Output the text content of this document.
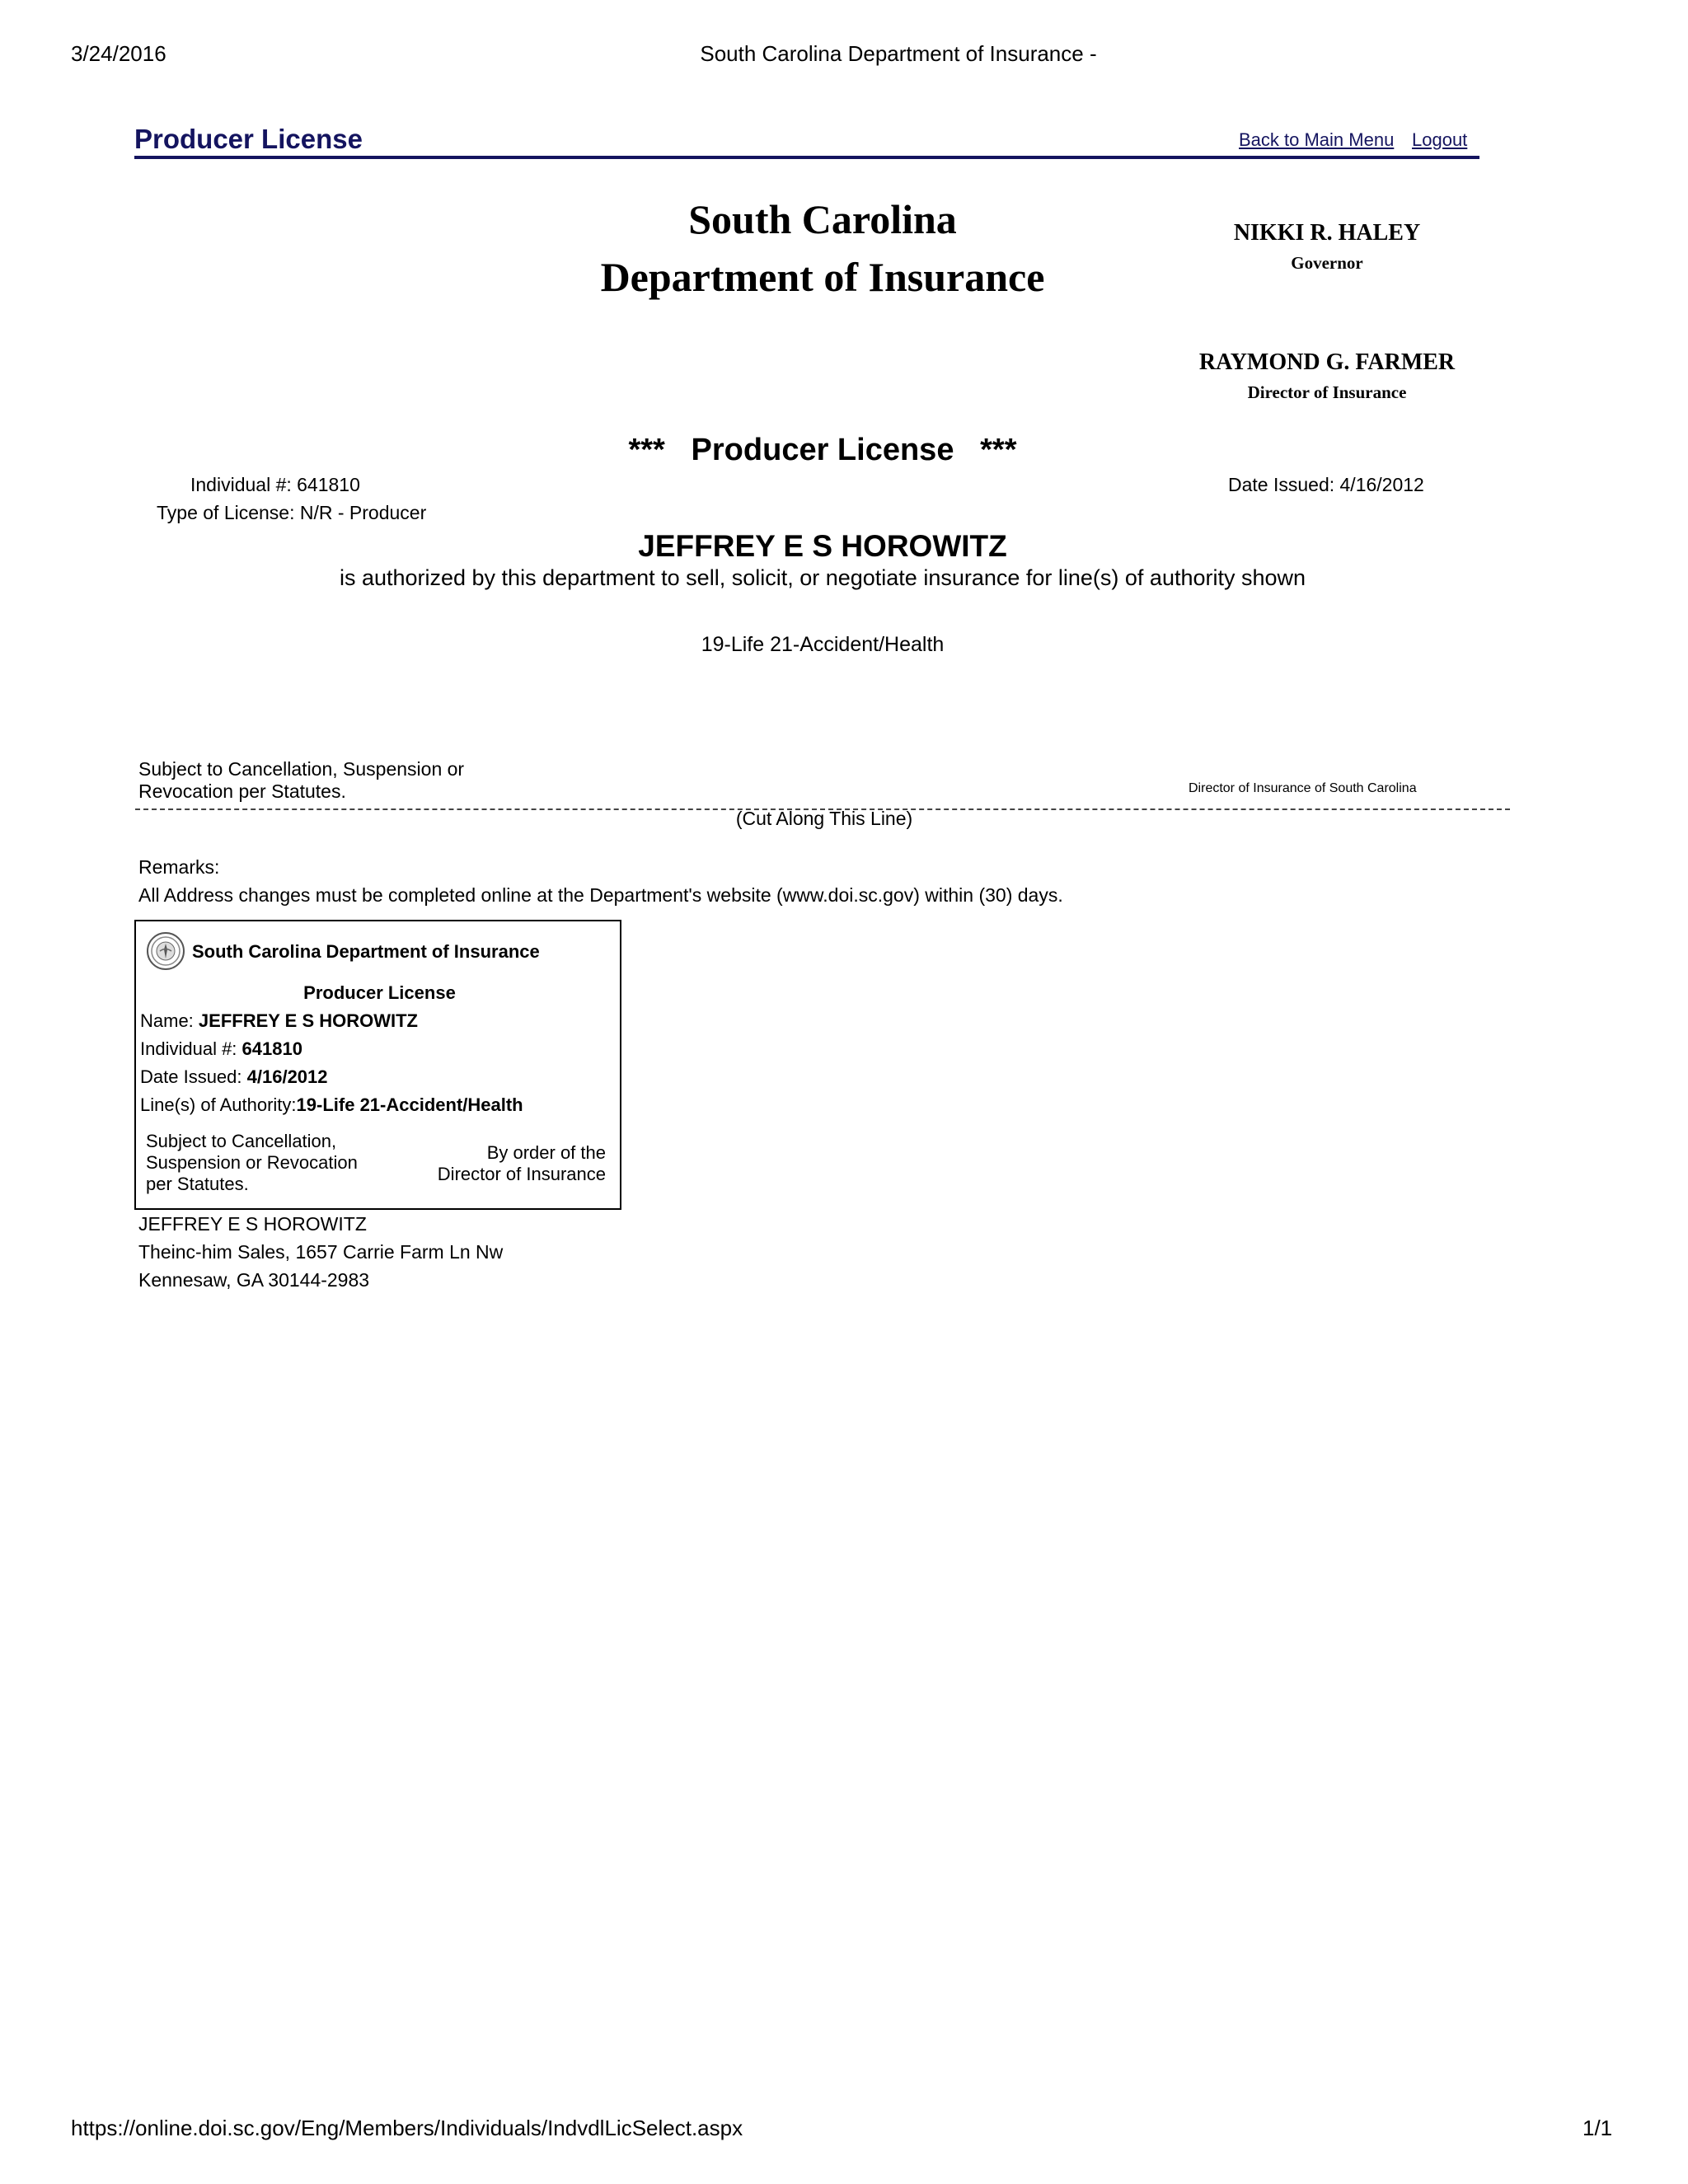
3/24/2016	South Carolina Department of Insurance -
Producer License	Back to Main Menu Logout
South Carolina
Department of Insurance
NIKKI R. HALEY
Governor
RAYMOND G. FARMER
Director of Insurance
*** Producer License ***
Individual #: 641810
Type of License: N/R - Producer
Date Issued: 4/16/2012
JEFFREY E S HOROWITZ
is authorized by this department to sell, solicit, or negotiate insurance for line(s) of authority shown
19-Life 21-Accident/Health
Subject to Cancellation, Suspension or
Revocation per Statutes.	Director of Insurance of South Carolina
(Cut Along This Line)
Remarks:
All Address changes must be completed online at the Department's website (www.doi.sc.gov) within (30) days.
South Carolina Department of Insurance
Producer License
Name: JEFFREY E S HOROWITZ
Individual #: 641810
Date Issued: 4/16/2012
Line(s) of Authority:19-Life 21-Accident/Health
Subject to Cancellation,
Suspension or Revocation
per Statutes.
By order of the
Director of Insurance
JEFFREY E S HOROWITZ
Theinc-him Sales, 1657 Carrie Farm Ln Nw
Kennesaw, GA 30144-2983
https://online.doi.sc.gov/Eng/Members/Individuals/IndvdlLicSelect.aspx	1/1
